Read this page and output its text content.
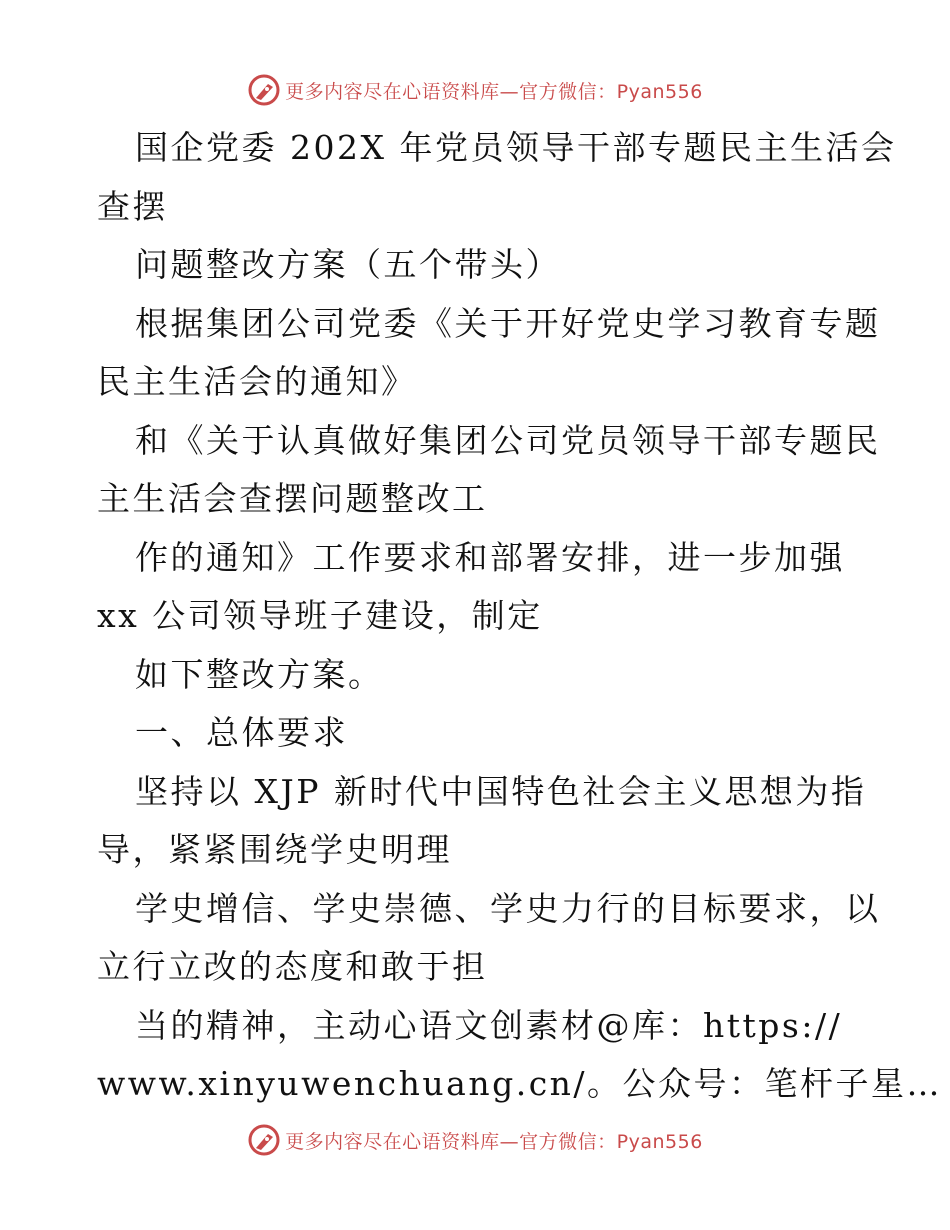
更多内容尽在心语资料库—官方微信：Pyan556
国企党委 202X 年党员领导干部专题民主生活会
查摆
问题整改方案（五个带头）
根据集团公司党委《关于开好党史学习教育专题
民主生活会的通知》
和《关于认真做好集团公司党员领导干部专题民
主生活会查摆问题整改工
作的通知》工作要求和部署安排，进一步加强
xx 公司领导班子建设，制定
如下整改方案。
一、总体要求
坚持以 XJP 新时代中国特色社会主义思想为指
导，紧紧围绕学史明理
学史增信、学史崇德、学史力行的目标要求，以
立行立改的态度和敢于担
当的精神，主动心语文创素材@库：https://
www.xinyuwenchuang.cn/。公众号：笔杆子星…
更多内容尽在心语资料库—官方微信：Pyan556
